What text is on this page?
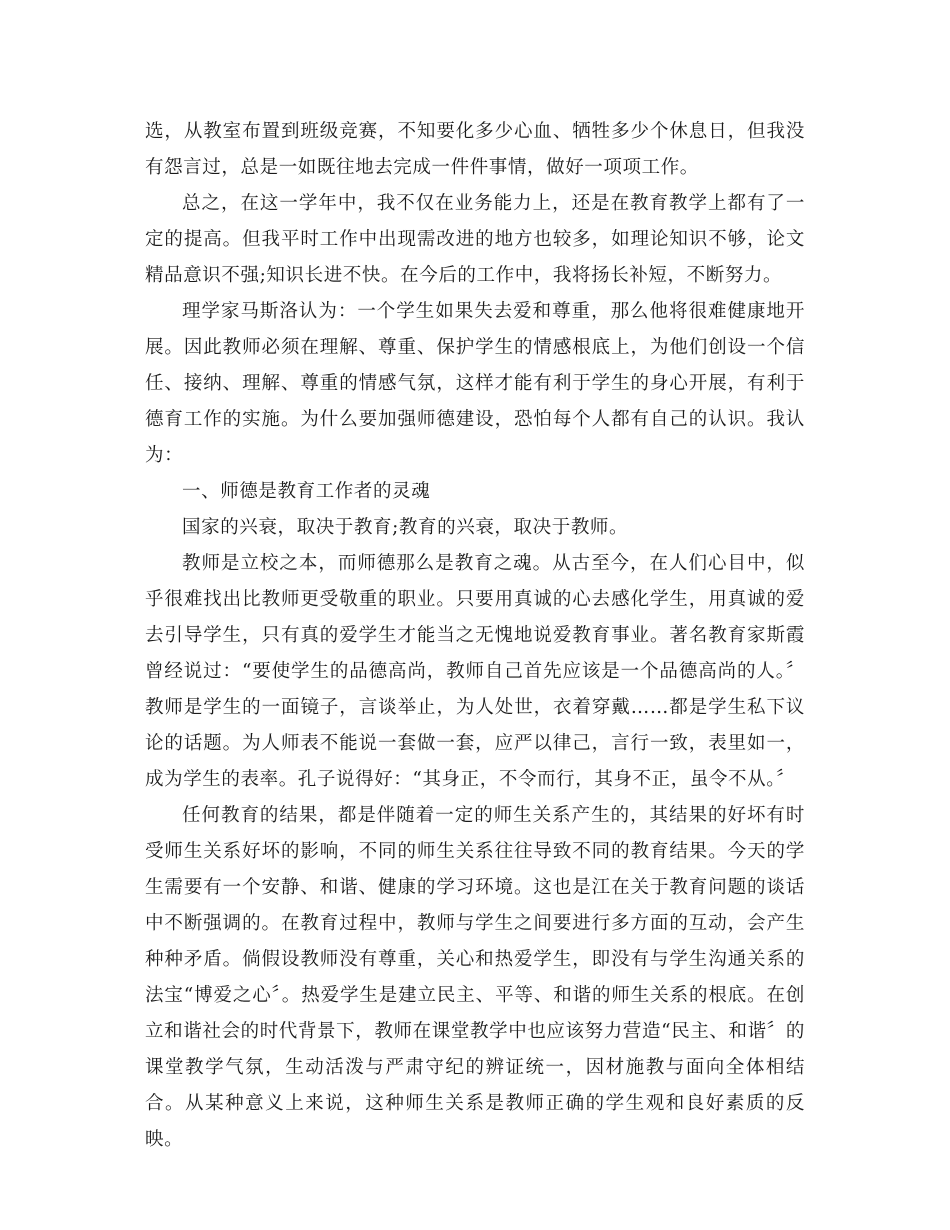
选，从教室布置到班级竞赛，不知要化多少心血、牺牲多少个休息日，但我没有怨言过，总是一如既往地去完成一件件事情，做好一项项工作。

总之，在这一学年中，我不仅在业务能力上，还是在教育教学上都有了一定的提高。但我平时工作中出现需改进的地方也较多，如理论知识不够，论文精品意识不强;知识长进不快。在今后的工作中，我将扬长补短，不断努力。

理学家马斯洛认为：一个学生如果失去爱和尊重，那么他将很难健康地开展。因此教师必须在理解、尊重、保护学生的情感根底上，为他们创设一个信任、接纳、理解、尊重的情感气氛，这样才能有利于学生的身心开展，有利于德育工作的实施。为什么要加强师德建设，恐怕每个人都有自己的认识。我认为：

一、师德是教育工作者的灵魂

国家的兴衰，取决于教育;教育的兴衰，取决于教师。

教师是立校之本，而师德那么是教育之魂。从古至今，在人们心目中，似乎很难找出比教师更受敬重的职业。只要用真诚的心去感化学生，用真诚的爱去引导学生，只有真的爱学生才能当之无愧地说爱教育事业。著名教育家斯霞曾经说过：“要使学生的品德高尚，教师自己首先应该是一个品德高尚的人。〞教师是学生的一面镜子，言谈举止，为人处世，衣着穿戴……都是学生私下议论的话题。为人师表不能说一套做一套，应严以律己，言行一致，表里如一，成为学生的表率。孔子说得好：“其身正，不令而行，其身不正，虽令不从。〞

任何教育的结果，都是伴随着一定的师生关系产生的，其结果的好坏有时受师生关系好坏的影响，不同的师生关系往往导致不同的教育结果。今天的学生需要有一个安静、和谐、健康的学习环境。这也是江在关于教育问题的谈话中不断强调的。在教育过程中，教师与学生之间要进行多方面的互动，会产生种种矛盾。倘假设教师没有尊重，关心和热爱学生，即没有与学生沟通关系的法宝“博爱之心〞。热爱学生是建立民主、平等、和谐的师生关系的根底。在创立和谐社会的时代背景下，教师在课堂教学中也应该努力营造“民主、和谐〞的课堂教学气氛，生动活泼与严肃守纪的辨证统一，因材施教与面向全体相结合。从某种意义上来说，这种师生关系是教师正确的学生观和良好素质的反映。
